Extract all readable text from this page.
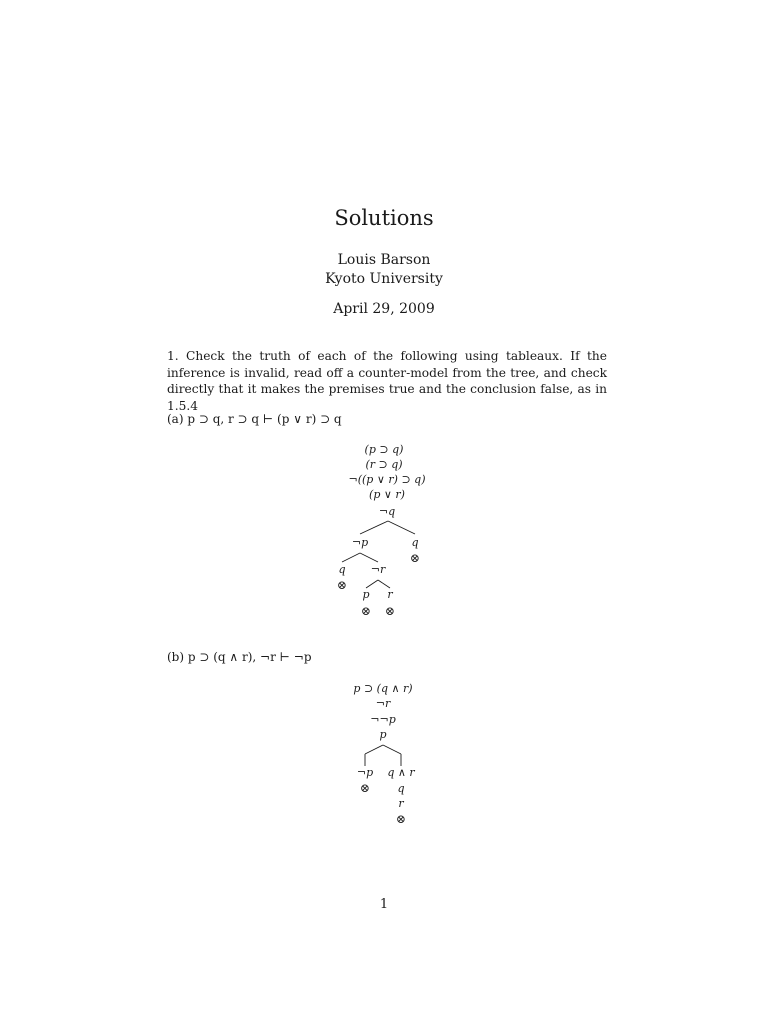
Solutions
Louis Barson
Kyoto University
April 29, 2009
1. Check the truth of each of the following using tableaux. If the inference is invalid, read off a counter-model from the tree, and check directly that it makes the premises true and the conclusion false, as in 1.5.4
(a) p ⊃ q, r ⊃ q ⊢ (p ∨ r) ⊃ q
(p ⊃ q)
(r ⊃ q)
¬((p ∨ r) ⊃ q)
(p ∨ r)
¬q
¬p	q
⊗
q
⊗
¬r
p r
⊗ ⊗
(b) p ⊃ (q ∧ r), ¬r ⊢ ¬p
p ⊃ (q ∧ r)
¬r
¬¬p
p
¬p
⊗
q ∧ r
q
r
⊗
1
